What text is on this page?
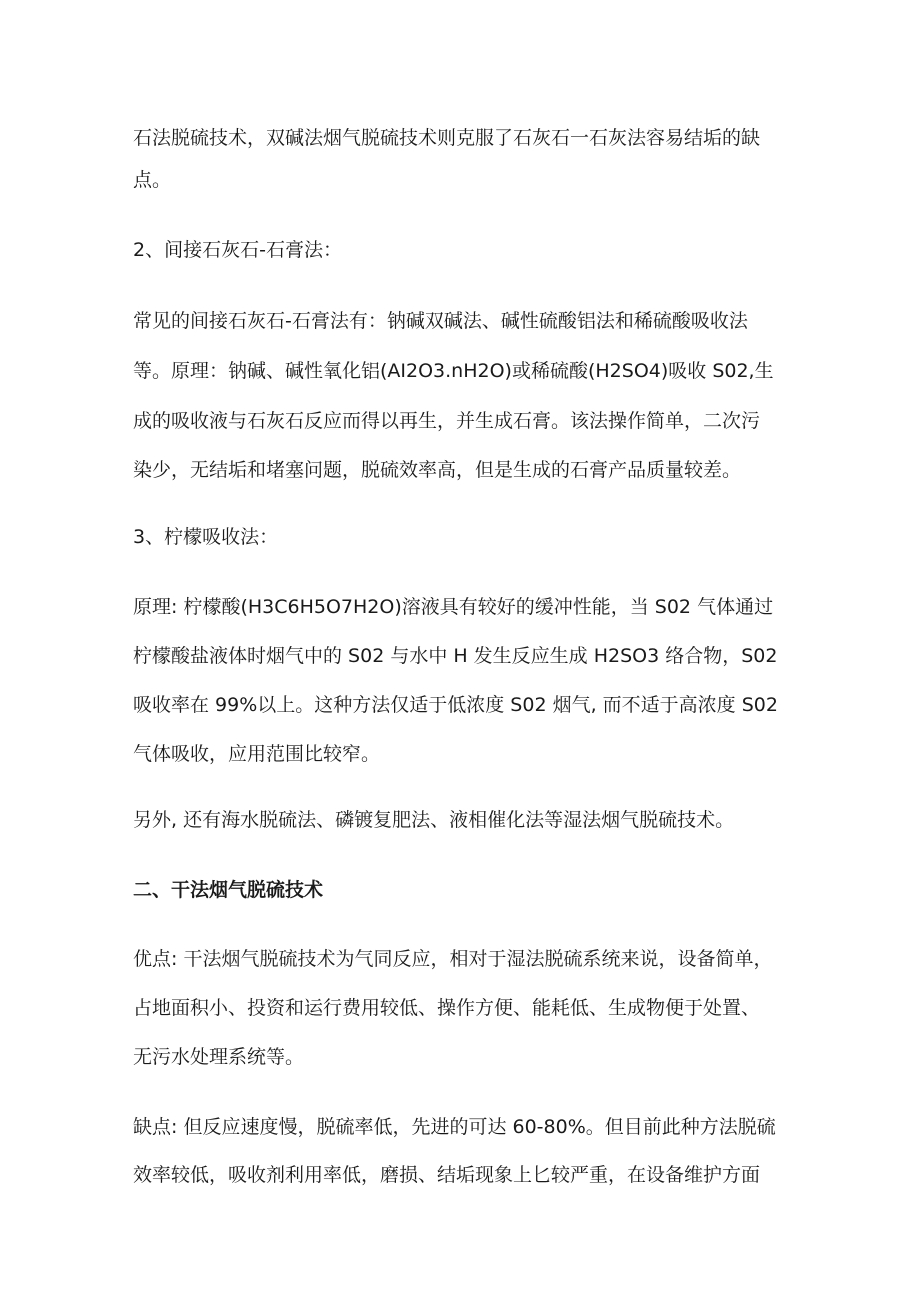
石法脱硫技术，双碱法烟气脱硫技术则克服了石灰石一石灰法容易结垢的缺
点。
2、间接石灰石-石膏法：
常见的间接石灰石-石膏法有：钠碱双碱法、碱性硫酸铝法和稀硫酸吸收法
等。原理：钠碱、碱性氧化铝(AI2O3.nH2O)或稀硫酸(H2SO4)吸收 S02,生
成的吸收液与石灰石反应而得以再生，并生成石膏。该法操作简单，二次污
染少，无结垢和堵塞问题，脱硫效率高，但是生成的石膏产品质量较差。
3、柠檬吸收法：
原理: 柠檬酸(H3C6H5O7H2O)溶液具有较好的缓冲性能，当 S02 气体通过
柠檬酸盐液体时烟气中的 S02 与水中 H 发生反应生成 H2SO3 络合物，S02
吸收率在 99%以上。这种方法仅适于低浓度 S02 烟气, 而不适于高浓度 S02
气体吸收，应用范围比较窄。
另外, 还有海水脱硫法、磷镀复肥法、液相催化法等湿法烟气脱硫技术。
二、干法烟气脱硫技术
优点: 干法烟气脱硫技术为气同反应，相对于湿法脱硫系统来说，设备简单，
占地面积小、投资和运行费用较低、操作方便、能耗低、生成物便于处置、
无污水处理系统等。
缺点: 但反应速度慢，脱硫率低，先进的可达 60-80%。但目前此种方法脱硫
效率较低，吸收剂利用率低，磨损、结垢现象上匕较严重，在设备维护方面
